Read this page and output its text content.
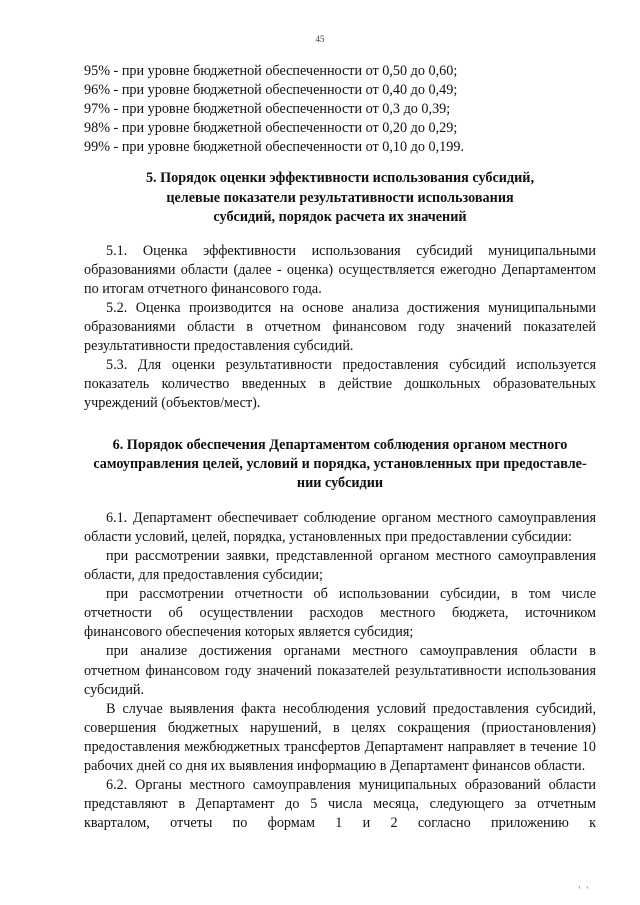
45

95% - при уровне бюджетной обеспеченности от 0,50 до 0,60;

96% - при уровне бюджетной обеспеченности от 0,40 до 0,49;

97% - при уровне бюджетной обеспеченности от 0,3 до 0,39;

98% - при уровне бюджетной обеспеченности от 0,20 до 0,29;

99% - при уровне бюджетной обеспеченности от 0,10 до 0,199.

5. Порядок оценки эффективности использования субсидий,
целевые показатели результативности использования
субсидий, порядок расчета их значений

5.1. Оценка эффективности использования субсидий муниципальными образованиями области (далее - оценка) осуществляется ежегодно Департаментом по итогам отчетного финансового года.

5.2. Оценка производится на основе анализа достижения муниципальными образованиями области в отчетном финансовом году значений показателей результативности предоставления субсидий.

5.3. Для оценки результативности предоставления субсидий используется показатель количество введенных в действие дошкольных образовательных учреждений (объектов/мест).

6. Порядок обеспечения Департаментом соблюдения органом местного
самоуправления целей, условий и порядка, установленных при предоставле-
нии субсидии

6.1. Департамент обеспечивает соблюдение органом местного самоуправления области условий, целей, порядка, установленных при предоставлении субсидии:

при рассмотрении заявки, представленной органом местного самоуправления области, для предоставления субсидии;

при рассмотрении отчетности об использовании субсидии, в том числе отчетности об осуществлении расходов местного бюджета, источником финансового обеспечения которых является субсидия;

при анализе достижения органами местного самоуправления области в отчетном финансовом году значений показателей результативности использования субсидий.

В случае выявления факта несоблюдения условий предоставления субсидий, совершения бюджетных нарушений, в целях сокращения (приостановления) предоставления межбюджетных трансфертов Департамент направляет в течение 10 рабочих дней со дня их выявления информацию в Департамент финансов области.

6.2. Органы местного самоуправления муниципальных образований области представляют в Департамент до 5 числа месяца, следующего за отчетным кварталом, отчеты по формам 1 и 2 согласно приложению к

' '
